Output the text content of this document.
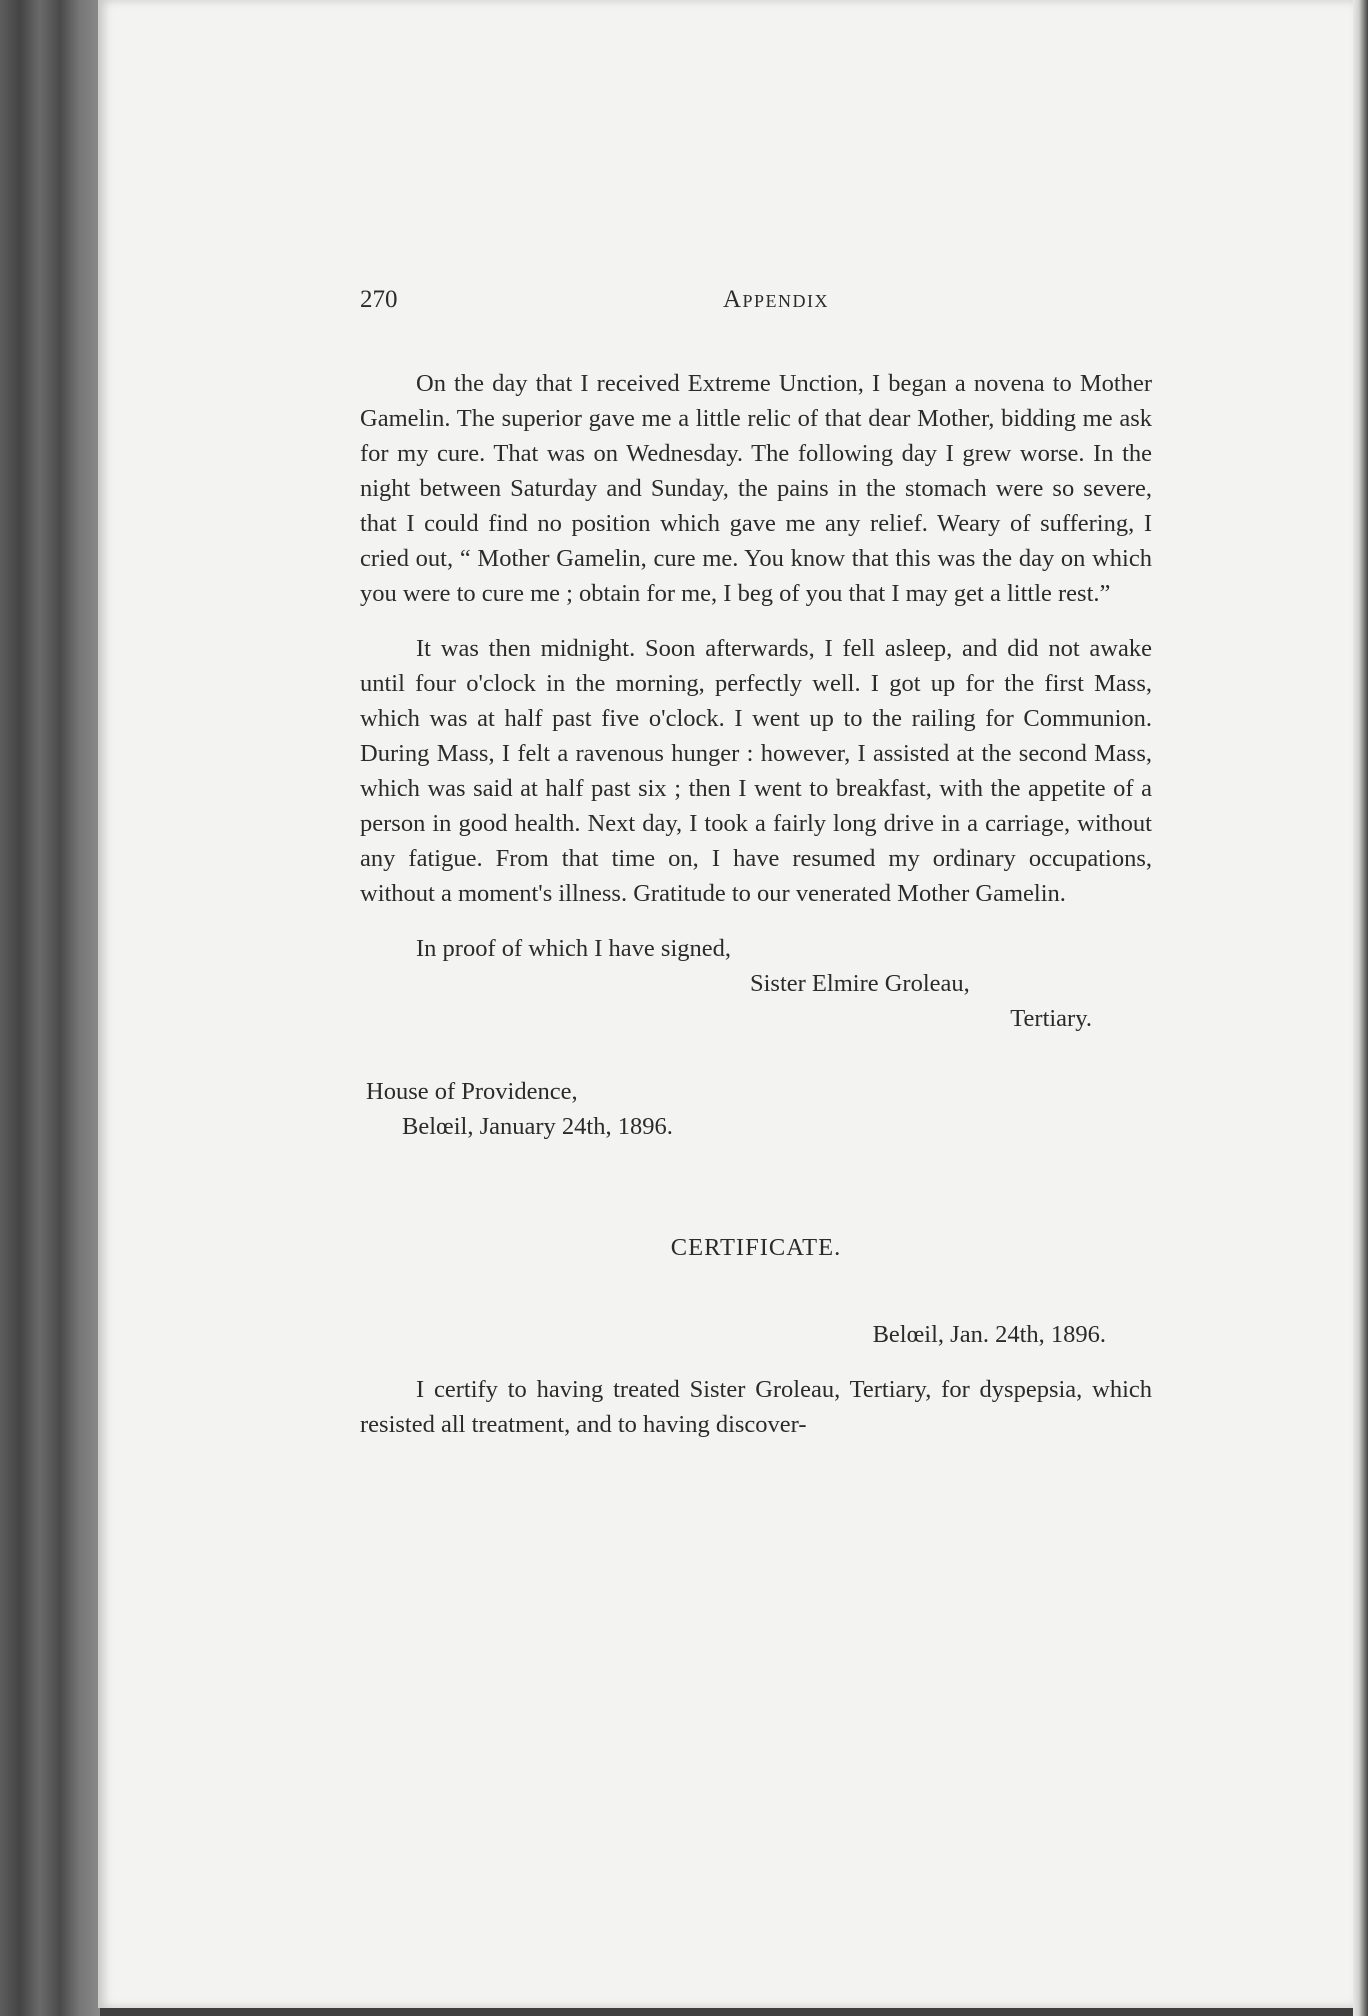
270	Appendix

On the day that I received Extreme Unction, I began a novena to Mother Gamelin. The superior gave me a little relic of that dear Mother, bidding me ask for my cure. That was on Wednesday. The following day I grew worse. In the night between Saturday and Sunday, the pains in the stomach were so severe, that I could find no position which gave me any relief. Weary of suffering, I cried out, “ Mother Gamelin, cure me. You know that this was the day on which you were to cure me ; obtain for me, I beg of you that I may get a little rest.”

It was then midnight. Soon afterwards, I fell asleep, and did not awake until four o'clock in the morning, perfectly well. I got up for the first Mass, which was at half past five o'clock. I went up to the railing for Communion. During Mass, I felt a ravenous hunger : however, I assisted at the second Mass, which was said at half past six ; then I went to breakfast, with the appetite of a person in good health. Next day, I took a fairly long drive in a carriage, without any fatigue. From that time on, I have resumed my ordinary occupations, without a moment's illness. Gratitude to our venerated Mother Gamelin.

In proof of which I have signed,
Sister Elmire Groleau,
Tertiary.
House of Providence,
Belœil, January 24th, 1896.
CERTIFICATE.
Belœil, Jan. 24th, 1896.

I certify to having treated Sister Groleau, Tertiary, for dyspepsia, which resisted all treatment, and to having discover-
